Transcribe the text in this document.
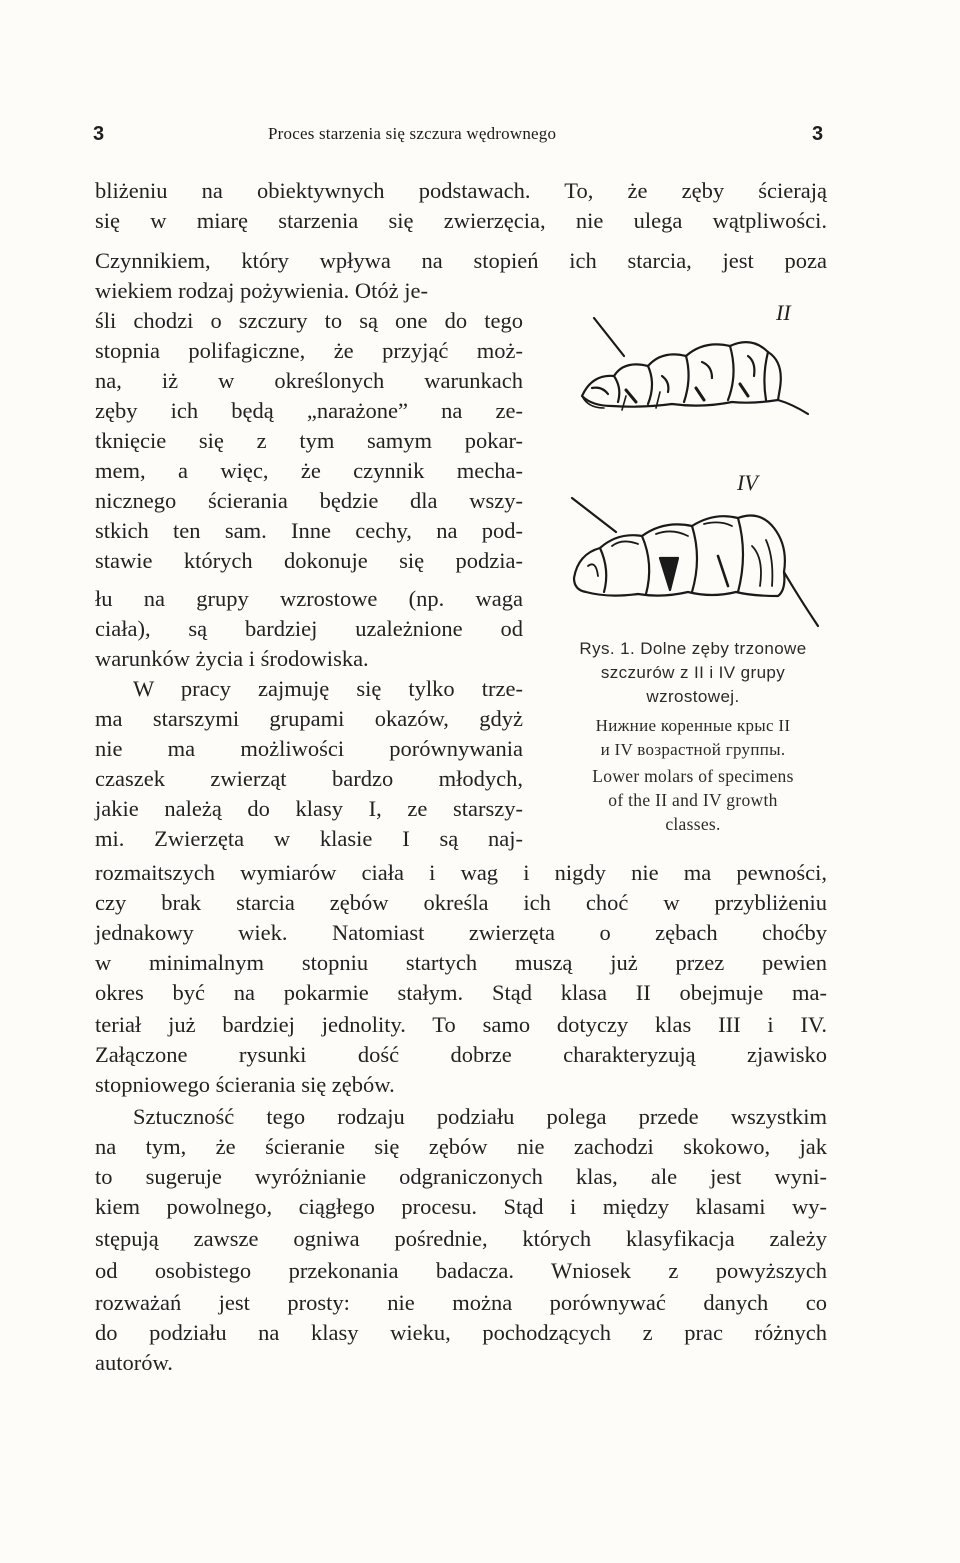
3	Proces starzenia się szczura wędrownego	3
bliżeniu na obiektywnych podstawach. To, że zęby ścierają
się w miarę starzenia się zwierzęcia, nie ulega wątpliwości.
Czynnikiem, który wpływa na stopień ich starcia, jest poza
wiekiem rodzaj pożywienia. Otóż je-
śli chodzi o szczury to są one do tego
stopnia polifagiczne, że przyjąć moż-
na, iż w określonych warunkach
zęby ich będą „narażone” na ze-
tknięcie się z tym samym pokar-
mem, a więc, że czynnik mecha-
nicznego ścierania będzie dla wszy-
stkich ten sam. Inne cechy, na pod-
stawie których dokonuje się podzia-
łu na grupy wzrostowe (np. waga
ciała), są bardziej uzależnione od
warunków życia i środowiska.
W pracy zajmuję się tylko trze-
ma starszymi grupami okazów, gdyż
nie ma możliwości porównywania
czaszek zwierząt bardzo młodych,
jakie należą do klasy I, ze starszy-
mi. Zwierzęta w klasie I są naj-
rozmaitszych wymiarów ciała i wag i nigdy nie ma pewności,
czy brak starcia zębów określa ich choć w przybliżeniu
jednakowy wiek. Natomiast zwierzęta o zębach choćby
w minimalnym stopniu startych muszą już przez pewien
okres być na pokarmie stałym. Stąd klasa II obejmuje ma-
teriał już bardziej jednolity. To samo dotyczy klas III i IV.
Załączone rysunki dość dobrze charakteryzują zjawisko
stopniowego ścierania się zębów.
Sztuczność tego rodzaju podziału polega przede wszystkim
na tym, że ścieranie się zębów nie zachodzi skokowo, jak
to sugeruje wyróżnianie odgraniczonych klas, ale jest wyni-
kiem powolnego, ciągłego procesu. Stąd i między klasami wy-
stępują zawsze ogniwa pośrednie, których klasyfikacja zależy
od osobistego przekonania badacza. Wniosek z powyższych
rozważań jest prosty: nie można porównywać danych co
do podziału na klasy wieku, pochodzących z prac różnych
autorów.
II
IV
Rys. 1. Dolne zęby trzonowe
szczurów z II i IV grupy
wzrostowej.
Нижние коренные крыс II
и IV возрастной группы.
Lower molars of specimens
of the II and IV growth
classes.
